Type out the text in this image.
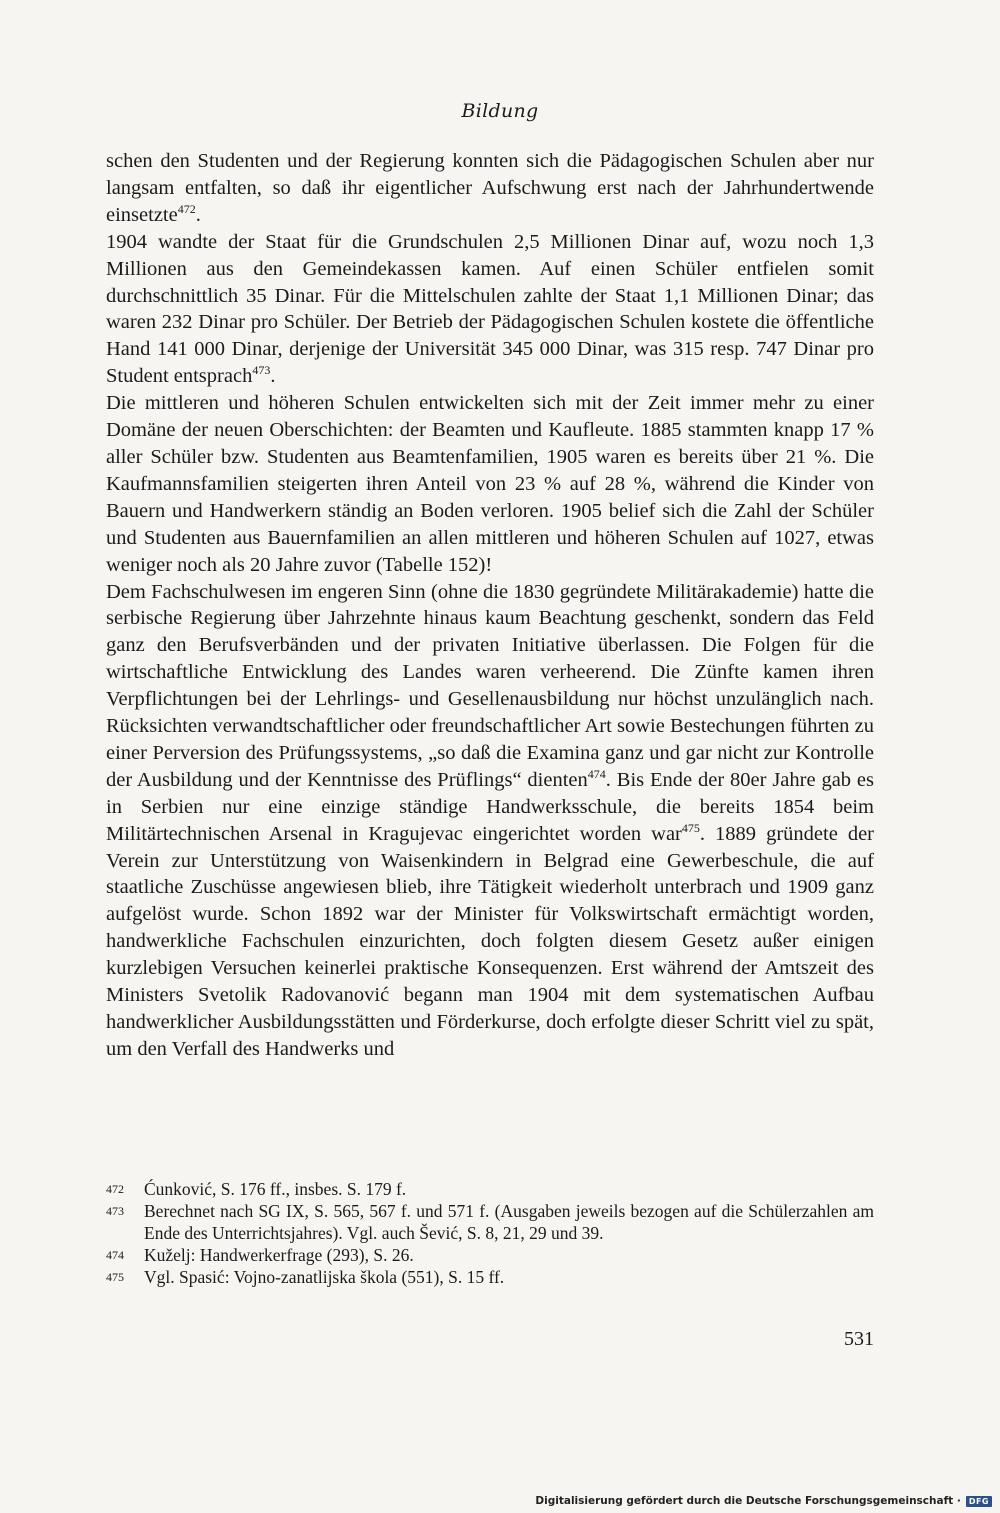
Bildung

schen den Studenten und der Regierung konnten sich die Pädagogischen Schulen aber nur langsam entfalten, so daß ihr eigentlicher Aufschwung erst nach der Jahrhundertwende einsetzte$^{472}$.

1904 wandte der Staat für die Grundschulen 2,5 Millionen Dinar auf, wozu noch 1,3 Millionen aus den Gemeindekassen kamen. Auf einen Schüler entfielen somit durchschnittlich 35 Dinar. Für die Mittelschulen zahlte der Staat 1,1 Millionen Dinar; das waren 232 Dinar pro Schüler. Der Betrieb der Pädagogischen Schulen kostete die öffentliche Hand 141 000 Dinar, derjenige der Universität 345 000 Dinar, was 315 resp. 747 Dinar pro Student entsprach$^{473}$.

Die mittleren und höheren Schulen entwickelten sich mit der Zeit immer mehr zu einer Domäne der neuen Oberschichten: der Beamten und Kaufleute. 1885 stammten knapp 17 % aller Schüler bzw. Studenten aus Beamtenfamilien, 1905 waren es bereits über 21 %. Die Kaufmannsfamilien steigerten ihren Anteil von 23 % auf 28 %, während die Kinder von Bauern und Handwerkern ständig an Boden verloren. 1905 belief sich die Zahl der Schüler und Studenten aus Bauernfamilien an allen mittleren und höheren Schulen auf 1027, etwas weniger noch als 20 Jahre zuvor (Tabelle 152)!

Dem Fachschulwesen im engeren Sinn (ohne die 1830 gegründete Militärakademie) hatte die serbische Regierung über Jahrzehnte hinaus kaum Beachtung geschenkt, sondern das Feld ganz den Berufsverbänden und der privaten Initiative überlassen. Die Folgen für die wirtschaftliche Entwicklung des Landes waren verheerend. Die Zünfte kamen ihren Verpflichtungen bei der Lehrlings- und Gesellenausbildung nur höchst unzulänglich nach. Rücksichten verwandtschaftlicher oder freundschaftlicher Art sowie Bestechungen führten zu einer Perversion des Prüfungssystems, „so daß die Examina ganz und gar nicht zur Kontrolle der Ausbildung und der Kenntnisse des Prüflings“ dienten$^{474}$. Bis Ende der 80er Jahre gab es in Serbien nur eine einzige ständige Handwerksschule, die bereits 1854 beim Militärtechnischen Arsenal in Kragujevac eingerichtet worden war$^{475}$. 1889 gründete der Verein zur Unterstützung von Waisenkindern in Belgrad eine Gewerbeschule, die auf staatliche Zuschüsse angewiesen blieb, ihre Tätigkeit wiederholt unterbrach und 1909 ganz aufgelöst wurde. Schon 1892 war der Minister für Volkswirtschaft ermächtigt worden, handwerkliche Fachschulen einzurichten, doch folgten diesem Gesetz außer einigen kurzlebigen Versuchen keinerlei praktische Konsequenzen. Erst während der Amtszeit des Ministers Svetolik Radovanović begann man 1904 mit dem systematischen Aufbau handwerklicher Ausbildungsstätten und Förderkurse, doch erfolgte dieser Schritt viel zu spät, um den Verfall des Handwerks und

472	Ćunković, S. 176 ff., insbes. S. 179 f.
473	Berechnet nach SG IX, S. 565, 567 f. und 571 f. (Ausgaben jeweils bezogen auf die Schülerzahlen am Ende des Unterrichtsjahres). Vgl. auch Šević, S. 8, 21, 29 und 39.
474	Kuželj: Handwerkerfrage (293), S. 26.
475	Vgl. Spasić: Vojno-zanatlijska škola (551), S. 15 ff.
531
Digitalisierung gefördert durch die Deutsche Forschungsgemeinschaft ·	DFG
